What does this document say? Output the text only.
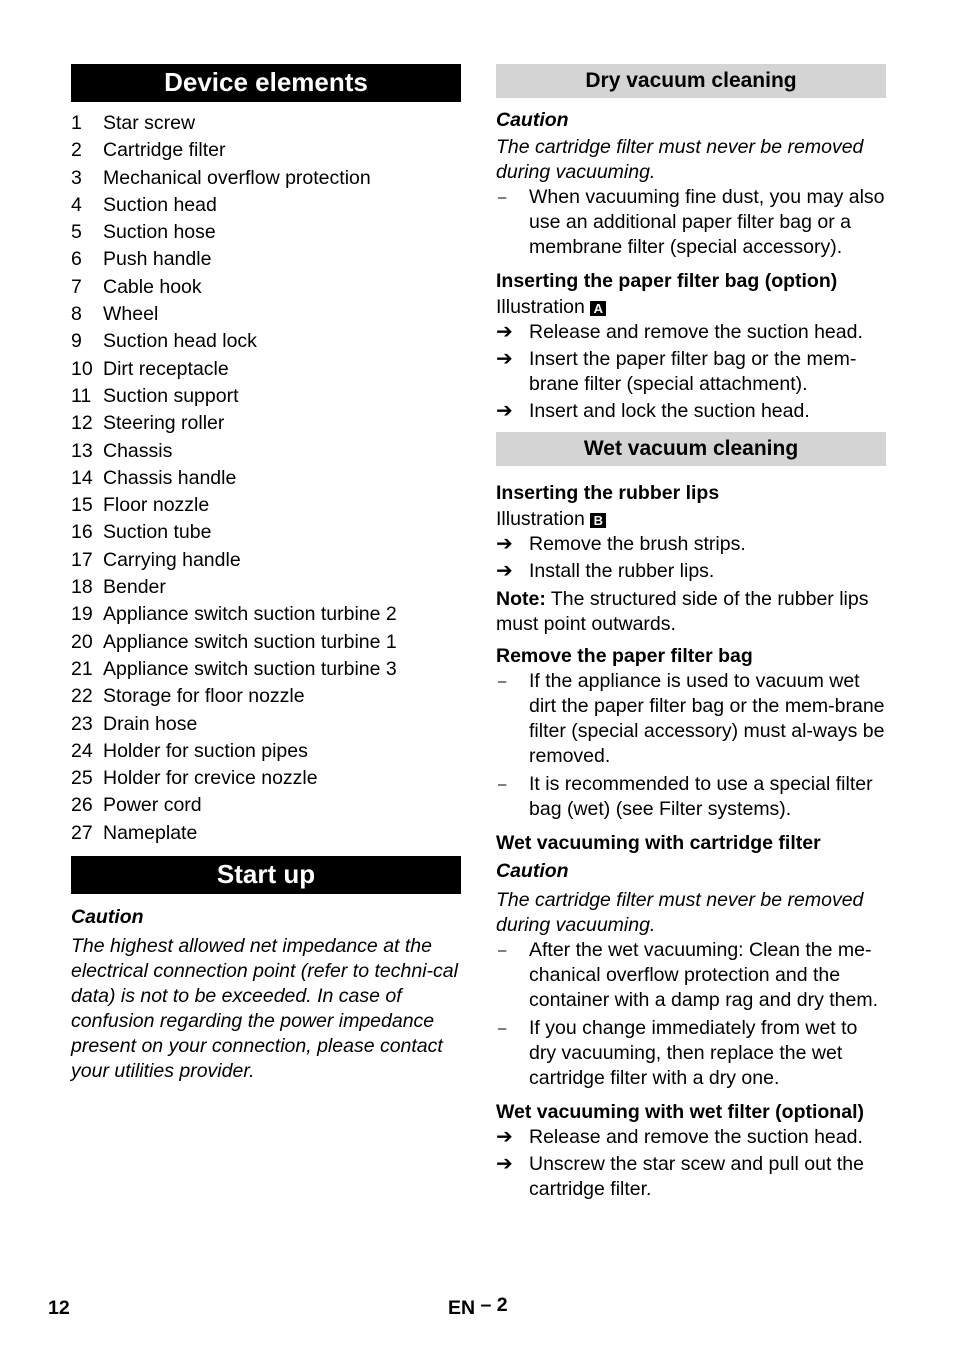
Device elements
1 Star screw
2 Cartridge filter
3 Mechanical overflow protection
4 Suction head
5 Suction hose
6 Push handle
7 Cable hook
8 Wheel
9 Suction head lock
10 Dirt receptacle
11 Suction support
12 Steering roller
13 Chassis
14 Chassis handle
15 Floor nozzle
16 Suction tube
17 Carrying handle
18 Bender
19 Appliance switch suction turbine 2
20 Appliance switch suction turbine 1
21 Appliance switch suction turbine 3
22 Storage for floor nozzle
23 Drain hose
24 Holder for suction pipes
25 Holder for crevice nozzle
26 Power cord
27 Nameplate
Start up
Caution

The highest allowed net impedance at the electrical connection point (refer to techni-cal data) is not to be exceeded. In case of confusion regarding the power impedance present on your connection, please contact your utilities provider.

Dry vacuum cleaning
Caution

The cartridge filter must never be removed during vacuuming.

–	When vacuuming fine dust, you may also use an additional paper filter bag or a membrane filter (special accessory).
Inserting the paper filter bag (option)
Illustration A
➔ Release and remove the suction head.
➔ Insert the paper filter bag or the mem-brane filter (special attachment).
➔ Insert and lock the suction head.
Wet vacuum cleaning
Inserting the rubber lips
Illustration B
➔ Remove the brush strips.
➔ Install the rubber lips.

Note: The structured side of the rubber lips must point outwards.

Remove the paper filter bag
–	If the appliance is used to vacuum wet dirt the paper filter bag or the mem-brane filter (special accessory) must al-ways be removed.
–	It is recommended to use a special filter bag (wet) (see Filter systems).
Wet vacuuming with cartridge filter
Caution

The cartridge filter must never be removed during vacuuming.

–	After the wet vacuuming: Clean the me-chanical overflow protection and the container with a damp rag and dry them.
–	If you change immediately from wet to dry vacuuming, then replace the wet cartridge filter with a dry one.
Wet vacuuming with wet filter (optional)
➔ Release and remove the suction head.
➔ Unscrew the star scew and pull out the cartridge filter.
12	EN – 2
